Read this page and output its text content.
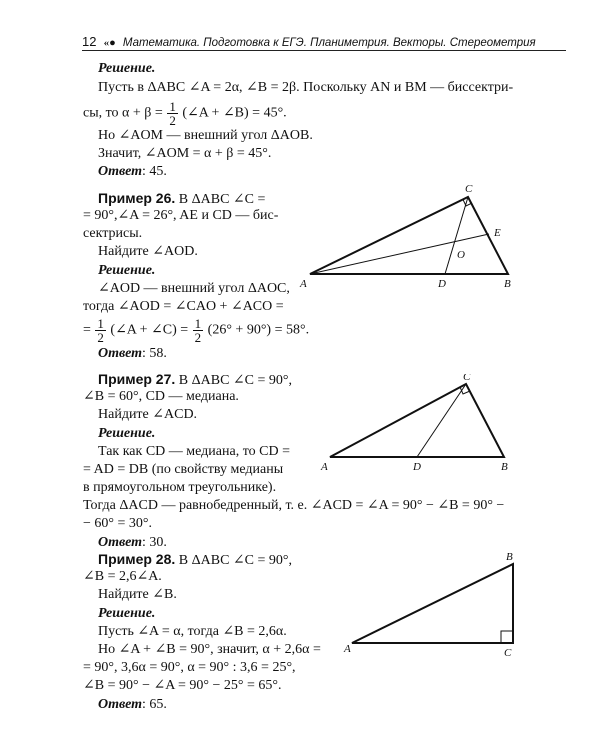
12 «● Математика. Подготовка к ЕГЭ. Планиметрия. Векторы. Стереометрия
Решение.
Пусть в ΔABC ∠A = 2α, ∠B = 2β. Поскольку AN и BM — биссектри-
сы, то $\alpha + \beta = \frac{1}{2}$ (∠A + ∠B) = 45°.
Но ∠AOM — внешний угол ΔAOB.
Значит, ∠AOM = α + β = 45°.
Ответ: 45.
Пример 26. В ΔABC ∠C =
= 90°,∠A = 26°, AE и CD — бис-
сектрисы.
Найдите ∠AOD.
Решение.
∠AOD — внешний угол ΔAOC,
тогда ∠AOD = ∠CAO + ∠ACO =
= $\frac{1}{2}$ (∠A + ∠C) = $\frac{1}{2} (26^\circ + 90^\circ) = 58^\circ$.
Ответ: 58.
C
E
O
A	D	B
Пример 27. В ΔABC ∠C = 90°,
∠B = 60°, CD — медиана.
Найдите ∠ACD.
Решение.
Так как CD — медиана, то CD =
= AD = DB (по свойству медианы
в прямоугольном треугольнике).
Тогда ΔACD — равнобедренный, т. е. ∠ACD = ∠A = 90° − ∠B = 90° −
− 60° = 30°.
Ответ: 30.
C
A	D	B
Пример 28. В ΔABC ∠C = 90°,
∠B = 2,6∠A.
Найдите ∠B.
Решение.
Пусть ∠A = α, тогда ∠B = 2,6α.
Но ∠A + ∠B = 90°, значит, α + 2,6α =
= 90°, 3,6α = 90°, α = 90° : 3,6 = 25°,
∠B = 90° − ∠A = 90° − 25° = 65°.
Ответ: 65.
B
A	C
